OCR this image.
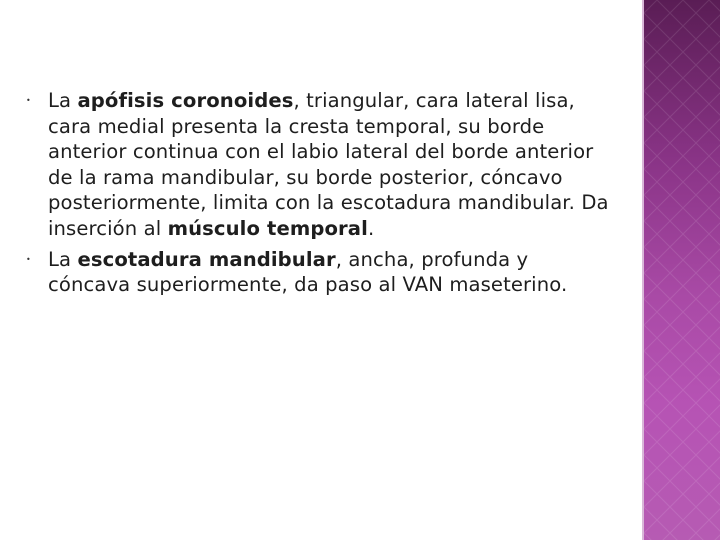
• La apófisis coronoides, triangular, cara lateral lisa, cara medial presenta la cresta temporal, su borde anterior continua con el labio lateral del borde anterior de la rama mandibular, su borde posterior, cóncavo posteriormente, limita con la escotadura mandibular. Da inserción al músculo temporal.
• La escotadura mandibular, ancha, profunda y cóncava superiormente, da paso al VAN maseterino.
